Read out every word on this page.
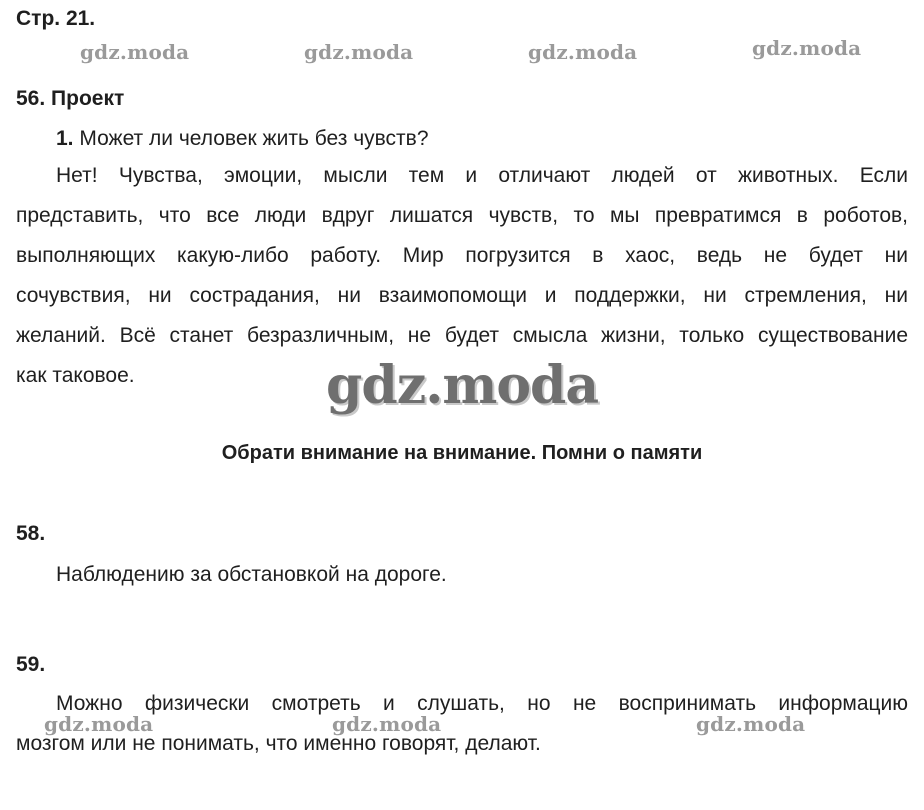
Стр. 21.
gdz.moda	gdz.moda	gdz.moda	gdz.moda
56. Проект
1. Может ли человек жить без чувств?
Нет! Чувства, эмоции, мысли тем и отличают людей от животных. Если
представить, что все люди вдруг лишатся чувств, то мы превратимся в роботов,
выполняющих какую-либо работу. Мир погрузится в хаос, ведь не будет ни
сочувствия, ни сострадания, ни взаимопомощи и поддержки, ни стремления, ни
желаний. Всё станет безразличным, не будет смысла жизни, только существование
как таковое.	gdz.moda
Обрати внимание на внимание. Помни о памяти
58.
Наблюдению за обстановкой на дороге.
59.
Можно физически смотреть и слушать, но не воспринимать информацию
мозгом или не понимать, что именно говорят, делают.
gdz.moda	gdz.moda	gdz.moda
